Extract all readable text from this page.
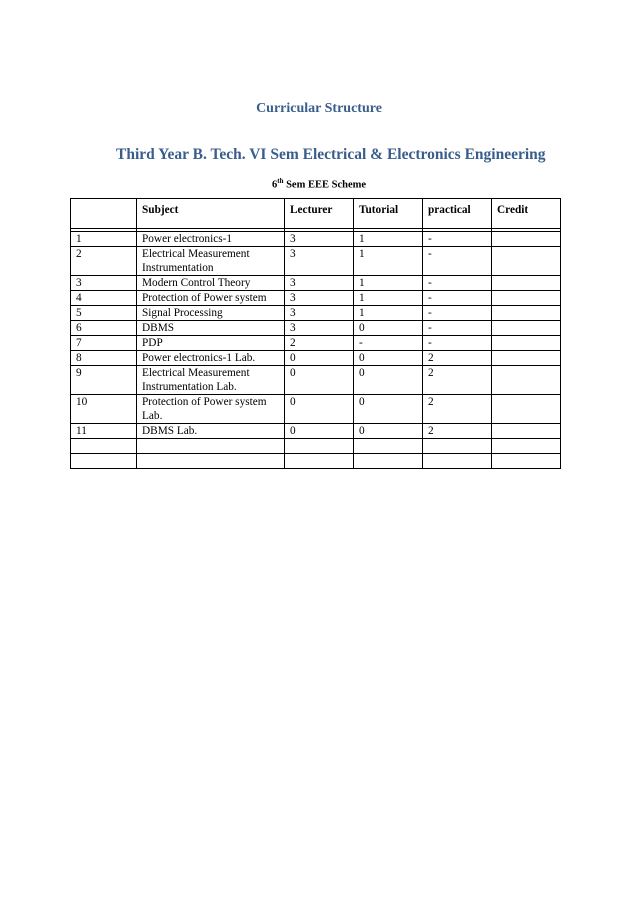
Curricular Structure
Third Year B. Tech. VI Sem Electrical & Electronics Engineering
6th Sem EEE Scheme
	Subject	Lecturer	Tutorial	practical	Credit

1	Power electronics-1	3	1	-	
2	Electrical Measurement Instrumentation	3	1	-	
3	Modern Control Theory	3	1	-	
4	Protection of Power system	3	1	-	
5	Signal Processing	3	1	-	
6	DBMS	3	0	-	
7	PDP	2	-	-	
8	Power electronics-1 Lab.	0	0	2	
9	Electrical Measurement Instrumentation Lab.	0	0	2	
10	Protection of Power system Lab.	0	0	2	
11	DBMS Lab.	0	0	2	
